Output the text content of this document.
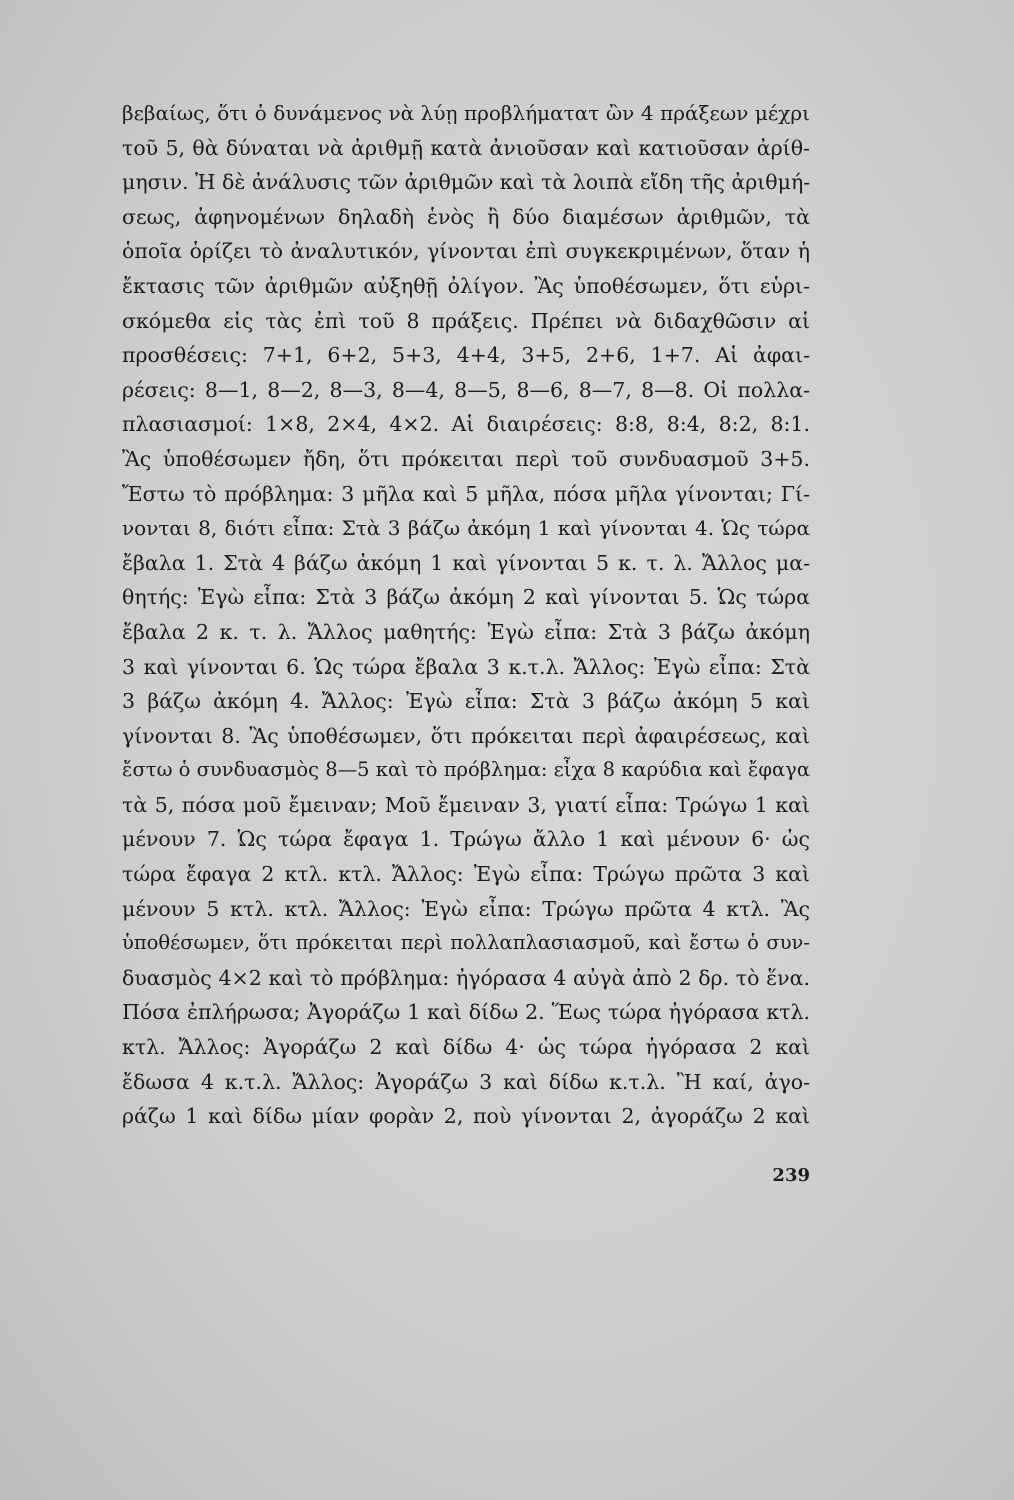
βεβαίως, ὅτι ὁ δυνάμενος νὰ λύῃ προβλήματατ ὢν 4 πράξεων μέχρι
τοῦ 5, θὰ δύναται νὰ ἀριθμῇ κατὰ ἀνιοῦσαν καὶ κατιοῦσαν ἀρίθ-
μησιν. Ἡ δὲ ἀνάλυσις τῶν ἀριθμῶν καὶ τὰ λοιπὰ εἴδη τῆς ἀριθμή-
σεως, ἀφηνομένων δηλαδὴ ἑνὸς ἢ δύο διαμέσων ἀριθμῶν, τὰ
ὁποῖα ὁρίζει τὸ ἀναλυτικόν, γίνονται ἐπὶ συγκεκριμένων, ὅταν ἡ
ἔκτασις τῶν ἀριθμῶν αὐξηθῇ ὀλίγον. Ἂς ὑποθέσωμεν, ὅτι εὑρι-
σκόμεθα εἰς τὰς ἐπὶ τοῦ 8 πράξεις. Πρέπει νὰ διδαχθῶσιν αἱ
προσθέσεις: 7+1, 6+2, 5+3, 4+4, 3+5, 2+6, 1+7. Αἱ ἀφαι-
ρέσεις: 8—1, 8—2, 8—3, 8—4, 8—5, 8—6, 8—7, 8—8. Οἱ πολλα-
πλασιασμοί: 1×8, 2×4, 4×2. Αἱ διαιρέσεις: 8:8, 8:4, 8:2, 8:1.
Ἂς ὑποθέσωμεν ἤδη, ὅτι πρόκειται περὶ τοῦ συνδυασμοῦ 3+5.
Ἔστω τὸ πρόβλημα: 3 μῆλα καὶ 5 μῆλα, πόσα μῆλα γίνονται; Γί-
νονται 8, διότι εἶπα: Στὰ 3 βάζω ἀκόμη 1 καὶ γίνονται 4. Ὡς τώρα
ἔβαλα 1. Στὰ 4 βάζω ἀκόμη 1 καὶ γίνονται 5 κ. τ. λ. Ἄλλος μα-
θητής: Ἐγὼ εἶπα: Στὰ 3 βάζω ἀκόμη 2 καὶ γίνονται 5. Ὡς τώρα
ἔβαλα 2 κ. τ. λ. Ἄλλος μαθητής: Ἐγὼ εἶπα: Στὰ 3 βάζω ἀκόμη
3 καὶ γίνονται 6. Ὡς τώρα ἔβαλα 3 κ.τ.λ. Ἄλλος: Ἐγὼ εἶπα: Στὰ
3 βάζω ἀκόμη 4. Ἄλλος: Ἐγὼ εἶπα: Στὰ 3 βάζω ἀκόμη 5 καὶ
γίνονται 8. Ἂς ὑποθέσωμεν, ὅτι πρόκειται περὶ ἀφαιρέσεως, καὶ
ἔστω ὁ συνδυασμὸς 8—5 καὶ τὸ πρόβλημα: εἶχα 8 καρύδια καὶ ἔφαγα
τὰ 5, πόσα μοῦ ἔμειναν; Μοῦ ἔμειναν 3, γιατί εἶπα: Τρώγω 1 καὶ
μένουν 7. Ὡς τώρα ἔφαγα 1. Τρώγω ἄλλο 1 καὶ μένουν 6· ὡς
τώρα ἔφαγα 2 κτλ. κτλ. Ἄλλος: Ἐγὼ εἶπα: Τρώγω πρῶτα 3 καὶ
μένουν 5 κτλ. κτλ. Ἄλλος: Ἐγὼ εἶπα: Τρώγω πρῶτα 4 κτλ. Ἂς
ὑποθέσωμεν, ὅτι πρόκειται περὶ πολλαπλασιασμοῦ, καὶ ἔστω ὁ συν-
δυασμὸς 4×2 καὶ τὸ πρόβλημα: ἠγόρασα 4 αὐγὰ ἀπὸ 2 δρ. τὸ ἕνα.
Πόσα ἐπλήρωσα; Ἀγοράζω 1 καὶ δίδω 2. Ἕως τώρα ἠγόρασα κτλ.
κτλ. Ἄλλος: Ἀγοράζω 2 καὶ δίδω 4· ὡς τώρα ἠγόρασα 2 καὶ
ἔδωσα 4 κ.τ.λ. Ἄλλος: Ἀγοράζω 3 καὶ δίδω κ.τ.λ. Ἢ καί, ἀγο-
ράζω 1 καὶ δίδω μίαν φορὰν 2, ποὺ γίνονται 2, ἀγοράζω 2 καὶ
239
